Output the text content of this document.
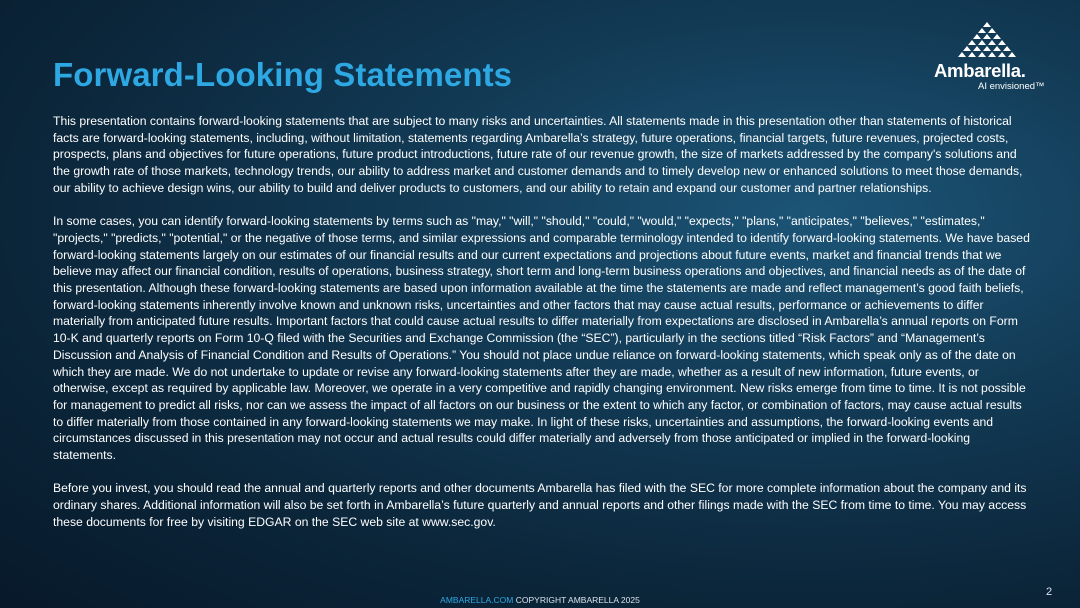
Forward-Looking Statements	Ambarella.
AI envisioned™

This presentation contains forward-looking statements that are subject to many risks and uncertainties. All statements made in this presentation other than statements of historical facts are forward-looking statements, including, without limitation, statements regarding Ambarella’s strategy, future operations, financial targets, future revenues, projected costs, prospects, plans and objectives for future operations, future product introductions, future rate of our revenue growth, the size of markets addressed by the company's solutions and the growth rate of those markets, technology trends, our ability to address market and customer demands and to timely develop new or enhanced solutions to meet those demands, our ability to achieve design wins, our ability to build and deliver products to customers, and our ability to retain and expand our customer and partner relationships.

In some cases, you can identify forward-looking statements by terms such as "may," "will," "should," "could," "would," "expects," "plans," "anticipates," "believes," "estimates," "projects," "predicts," "potential," or the negative of those terms, and similar expressions and comparable terminology intended to identify forward-looking statements. We have based forward-looking statements largely on our estimates of our financial results and our current expectations and projections about future events, market and financial trends that we believe may affect our financial condition, results of operations, business strategy, short term and long-term business operations and objectives, and financial needs as of the date of this presentation. Although these forward-looking statements are based upon information available at the time the statements are made and reflect management’s good faith beliefs, forward-looking statements inherently involve known and unknown risks, uncertainties and other factors that may cause actual results, performance or achievements to differ materially from anticipated future results. Important factors that could cause actual results to differ materially from expectations are disclosed in Ambarella’s annual reports on Form 10-K and quarterly reports on Form 10-Q filed with the Securities and Exchange Commission (the “SEC”), particularly in the sections titled “Risk Factors” and “Management’s Discussion and Analysis of Financial Condition and Results of Operations.” You should not place undue reliance on forward-looking statements, which speak only as of the date on which they are made. We do not undertake to update or revise any forward-looking statements after they are made, whether as a result of new information, future events, or otherwise, except as required by applicable law. Moreover, we operate in a very competitive and rapidly changing environment. New risks emerge from time to time. It is not possible for management to predict all risks, nor can we assess the impact of all factors on our business or the extent to which any factor, or combination of factors, may cause actual results to differ materially from those contained in any forward-looking statements we may make. In light of these risks, uncertainties and assumptions, the forward-looking events and circumstances discussed in this presentation may not occur and actual results could differ materially and adversely from those anticipated or implied in the forward-looking statements.

Before you invest, you should read the annual and quarterly reports and other documents Ambarella has filed with the SEC for more complete information about the company and its ordinary shares. Additional information will also be set forth in Ambarella’s future quarterly and annual reports and other filings made with the SEC from time to time. You may access these documents for free by visiting EDGAR on the SEC web site at www.sec.gov.

AMBARELLA.COM COPYRIGHT AMBARELLA 2025
2
